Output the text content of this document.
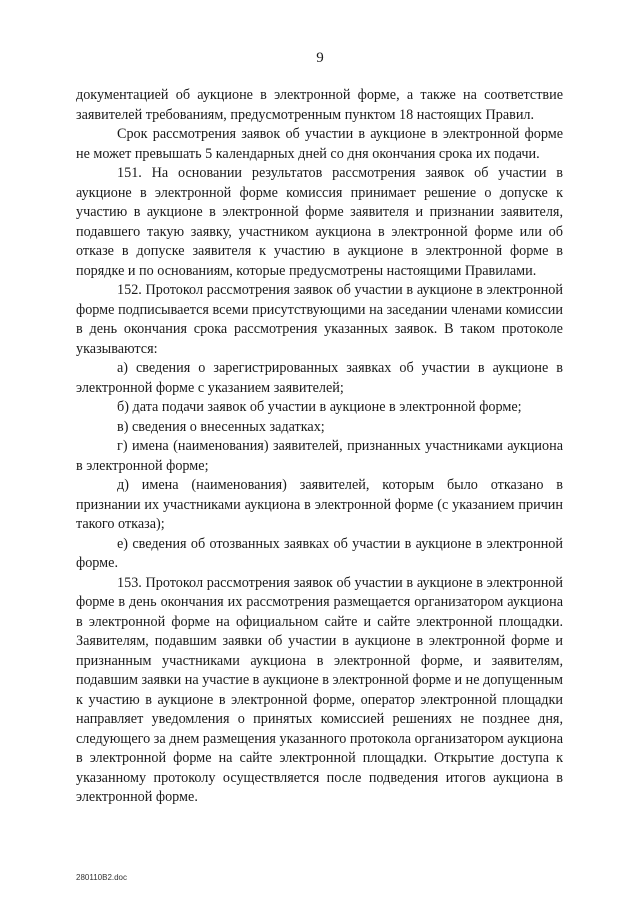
9

документацией об аукционе в электронной форме, а также на соответствие заявителей требованиям, предусмотренным пунктом 18 настоящих Правил.

Срок рассмотрения заявок об участии в аукционе в электронной форме не может превышать 5 календарных дней со дня окончания срока их подачи.

151. На основании результатов рассмотрения заявок об участии в аукционе в электронной форме комиссия принимает решение о допуске к участию в аукционе в электронной форме заявителя и признании заявителя, подавшего такую заявку, участником аукциона в электронной форме или об отказе в допуске заявителя к участию в аукционе в электронной форме в порядке и по основаниям, которые предусмотрены настоящими Правилами.

152. Протокол рассмотрения заявок об участии в аукционе в электронной форме подписывается всеми присутствующими на заседании членами комиссии в день окончания срока рассмотрения указанных заявок. В таком протоколе указываются:

а) сведения о зарегистрированных заявках об участии в аукционе в электронной форме с указанием заявителей;

б) дата подачи заявок об участии в аукционе в электронной форме;

в) сведения о внесенных задатках;

г) имена (наименования) заявителей, признанных участниками аукциона в электронной форме;

д) имена (наименования) заявителей, которым было отказано в признании их участниками аукциона в электронной форме (с указанием причин такого отказа);

е) сведения об отозванных заявках об участии в аукционе в электронной форме.

153. Протокол рассмотрения заявок об участии в аукционе в электронной форме в день окончания их рассмотрения размещается организатором аукциона в электронной форме на официальном сайте и сайте электронной площадки. Заявителям, подавшим заявки об участии в аукционе в электронной форме и признанным участниками аукциона в электронной форме, и заявителям, подавшим заявки на участие в аукционе в электронной форме и не допущенным к участию в аукционе в электронной форме, оператор электронной площадки направляет уведомления о принятых комиссией решениях не позднее дня, следующего за днем размещения указанного протокола организатором аукциона в электронной форме на сайте электронной площадки. Открытие доступа к указанному протоколу осуществляется после подведения итогов аукциона в электронной форме.

280110В2.doc
